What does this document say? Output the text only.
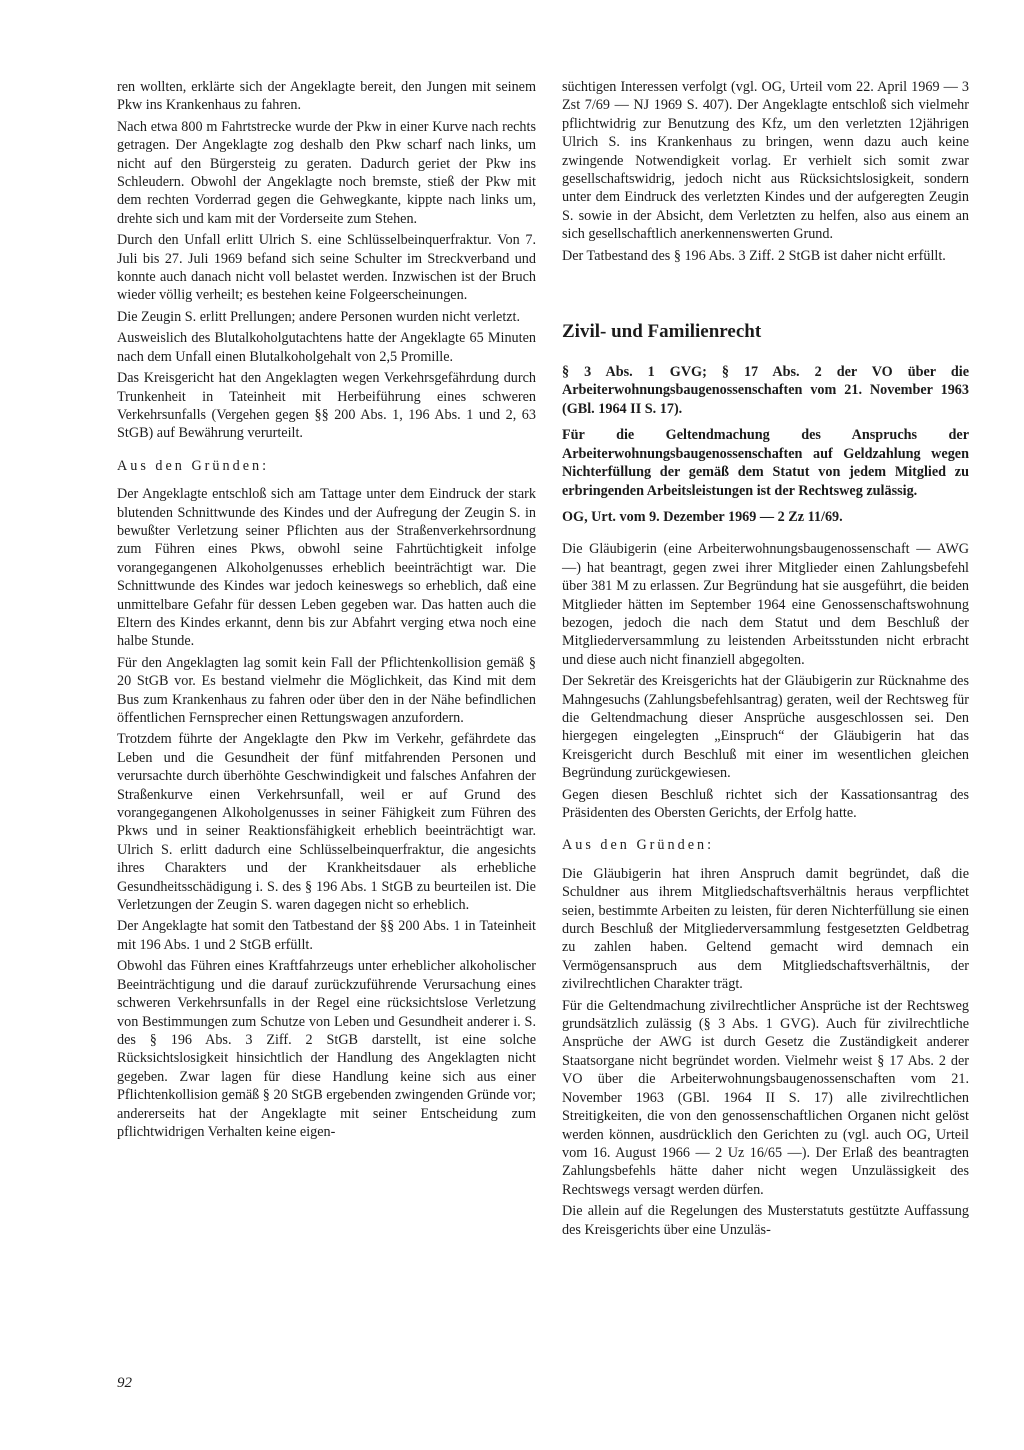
ren wollten, erklärte sich der Angeklagte bereit, den Jungen mit seinem Pkw ins Krankenhaus zu fahren.

Nach etwa 800 m Fahrtstrecke wurde der Pkw in einer Kurve nach rechts getragen. Der Angeklagte zog deshalb den Pkw scharf nach links, um nicht auf den Bürgersteig zu geraten. Dadurch geriet der Pkw ins Schleudern. Obwohl der Angeklagte noch bremste, stieß der Pkw mit dem rechten Vorderrad gegen die Gehwegkante, kippte nach links um, drehte sich und kam mit der Vorderseite zum Stehen.

Durch den Unfall erlitt Ulrich S. eine Schlüsselbeinquerfraktur. Von 7. Juli bis 27. Juli 1969 befand sich seine Schulter im Streckverband und konnte auch danach nicht voll belastet werden. Inzwischen ist der Bruch wieder völlig verheilt; es bestehen keine Folgeerscheinungen.

Die Zeugin S. erlitt Prellungen; andere Personen wurden nicht verletzt.

Ausweislich des Blutalkoholgutachtens hatte der Angeklagte 65 Minuten nach dem Unfall einen Blutalkoholgehalt von 2,5 Promille.

Das Kreisgericht hat den Angeklagten wegen Verkehrsgefährdung durch Trunkenheit in Tateinheit mit Herbeiführung eines schweren Verkehrsunfalls (Vergehen gegen §§ 200 Abs. 1, 196 Abs. 1 und 2, 63 StGB) auf Bewährung verurteilt.

Aus den Gründen:

Der Angeklagte entschloß sich am Tattage unter dem Eindruck der stark blutenden Schnittwunde des Kindes und der Aufregung der Zeugin S. in bewußter Verletzung seiner Pflichten aus der Straßenverkehrsordnung zum Führen eines Pkws, obwohl seine Fahrtüchtigkeit infolge vorangegangenen Alkoholgenusses erheblich beeinträchtigt war. Die Schnittwunde des Kindes war jedoch keineswegs so erheblich, daß eine unmittelbare Gefahr für dessen Leben gegeben war. Das hatten auch die Eltern des Kindes erkannt, denn bis zur Abfahrt verging etwa noch eine halbe Stunde.

Für den Angeklagten lag somit kein Fall der Pflichtenkollision gemäß § 20 StGB vor. Es bestand vielmehr die Möglichkeit, das Kind mit dem Bus zum Krankenhaus zu fahren oder über den in der Nähe befindlichen öffentlichen Fernsprecher einen Rettungswagen anzufordern.

Trotzdem führte der Angeklagte den Pkw im Verkehr, gefährdete das Leben und die Gesundheit der fünf mitfahrenden Personen und verursachte durch überhöhte Geschwindigkeit und falsches Anfahren der Straßenkurve einen Verkehrsunfall, weil er auf Grund des vorangegangenen Alkoholgenusses in seiner Fähigkeit zum Führen des Pkws und in seiner Reaktionsfähigkeit erheblich beeinträchtigt war. Ulrich S. erlitt dadurch eine Schlüsselbeinquerfraktur, die angesichts ihres Charakters und der Krankheitsdauer als erhebliche Gesundheitsschädigung i. S. des § 196 Abs. 1 StGB zu beurteilen ist. Die Verletzungen der Zeugin S. waren dagegen nicht so erheblich.

Der Angeklagte hat somit den Tatbestand der §§ 200 Abs. 1 in Tateinheit mit 196 Abs. 1 und 2 StGB erfüllt.

Obwohl das Führen eines Kraftfahrzeugs unter erheblicher alkoholischer Beeinträchtigung und die darauf zurückzuführende Verursachung eines schweren Verkehrsunfalls in der Regel eine rücksichtslose Verletzung von Bestimmungen zum Schutze von Leben und Gesundheit anderer i. S. des § 196 Abs. 3 Ziff. 2 StGB darstellt, ist eine solche Rücksichtslosigkeit hinsichtlich der Handlung des Angeklagten nicht gegeben. Zwar lagen für diese Handlung keine sich aus einer Pflichtenkollision gemäß § 20 StGB ergebenden zwingenden Gründe vor; andererseits hat der Angeklagte mit seiner Entscheidung zum pflichtwidrigen Verhalten keine eigen-

süchtigen Interessen verfolgt (vgl. OG, Urteil vom 22. April 1969 — 3 Zst 7/69 — NJ 1969 S. 407). Der Angeklagte entschloß sich vielmehr pflichtwidrig zur Benutzung des Kfz, um den verletzten 12jährigen Ulrich S. ins Krankenhaus zu bringen, wenn dazu auch keine zwingende Notwendigkeit vorlag. Er verhielt sich somit zwar gesellschaftswidrig, jedoch nicht aus Rücksichtslosigkeit, sondern unter dem Eindruck des verletzten Kindes und der aufgeregten Zeugin S. sowie in der Absicht, dem Verletzten zu helfen, also aus einem an sich gesellschaftlich anerkennenswerten Grund.

Der Tatbestand des § 196 Abs. 3 Ziff. 2 StGB ist daher nicht erfüllt.

Zivil- und Familienrecht

§ 3 Abs. 1 GVG; § 17 Abs. 2 der VO über die Arbeiterwohnungsbaugenossenschaften vom 21. November 1963 (GBl. 1964 II S. 17).

Für die Geltendmachung des Anspruchs der Arbeiterwohnungsbaugenossenschaften auf Geldzahlung wegen Nichterfüllung der gemäß dem Statut von jedem Mitglied zu erbringenden Arbeitsleistungen ist der Rechtsweg zulässig.

OG, Urt. vom 9. Dezember 1969 — 2 Zz 11/69.

Die Gläubigerin (eine Arbeiterwohnungsbaugenossenschaft — AWG —) hat beantragt, gegen zwei ihrer Mitglieder einen Zahlungsbefehl über 381 M zu erlassen. Zur Begründung hat sie ausgeführt, die beiden Mitglieder hätten im September 1964 eine Genossenschaftswohnung bezogen, jedoch die nach dem Statut und dem Beschluß der Mitgliederversammlung zu leistenden Arbeitsstunden nicht erbracht und diese auch nicht finanziell abgegolten.

Der Sekretär des Kreisgerichts hat der Gläubigerin zur Rücknahme des Mahngesuchs (Zahlungsbefehlsantrag) geraten, weil der Rechtsweg für die Geltendmachung dieser Ansprüche ausgeschlossen sei. Den hiergegen eingelegten „Einspruch“ der Gläubigerin hat das Kreisgericht durch Beschluß mit einer im wesentlichen gleichen Begründung zurückgewiesen.

Gegen diesen Beschluß richtet sich der Kassationsantrag des Präsidenten des Obersten Gerichts, der Erfolg hatte.

Aus den Gründen:

Die Gläubigerin hat ihren Anspruch damit begründet, daß die Schuldner aus ihrem Mitgliedschaftsverhältnis heraus verpflichtet seien, bestimmte Arbeiten zu leisten, für deren Nichterfüllung sie einen durch Beschluß der Mitgliederversammlung festgesetzten Geldbetrag zu zahlen haben. Geltend gemacht wird demnach ein Vermögensanspruch aus dem Mitgliedschaftsverhältnis, der zivilrechtlichen Charakter trägt.

Für die Geltendmachung zivilrechtlicher Ansprüche ist der Rechtsweg grundsätzlich zulässig (§ 3 Abs. 1 GVG). Auch für zivilrechtliche Ansprüche der AWG ist durch Gesetz die Zuständigkeit anderer Staatsorgane nicht begründet worden. Vielmehr weist § 17 Abs. 2 der VO über die Arbeiterwohnungsbaugenossenschaften vom 21. November 1963 (GBl. 1964 II S. 17) alle zivilrechtlichen Streitigkeiten, die von den genossenschaftlichen Organen nicht gelöst werden können, ausdrücklich den Gerichten zu (vgl. auch OG, Urteil vom 16. August 1966 — 2 Uz 16/65 —). Der Erlaß des beantragten Zahlungsbefehls hätte daher nicht wegen Unzulässigkeit des Rechtswegs versagt werden dürfen.

Die allein auf die Regelungen des Musterstatuts gestützte Auffassung des Kreisgerichts über eine Unzuläs-

92
